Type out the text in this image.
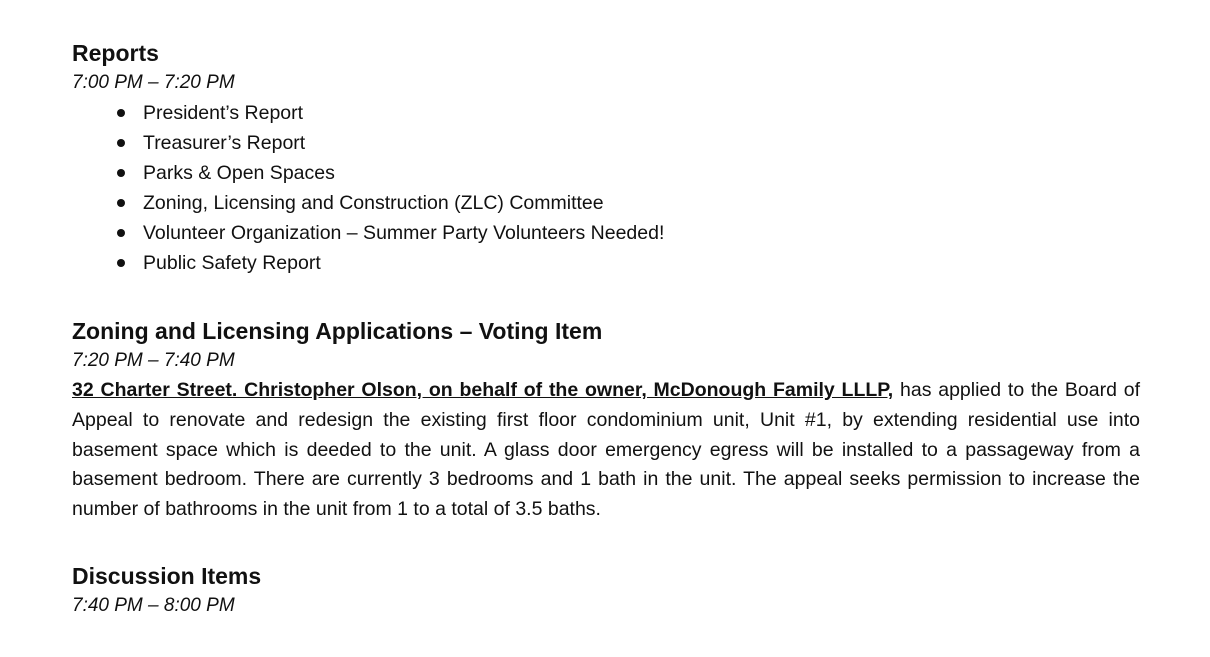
Reports

7:00 PM – 7:20 PM

President’s Report
Treasurer’s Report
Parks & Open Spaces
Zoning, Licensing and Construction (ZLC) Committee
Volunteer Organization – Summer Party Volunteers Needed!
Public Safety Report
Zoning and Licensing Applications – Voting Item

7:20 PM – 7:40 PM

32 Charter Street. Christopher Olson, on behalf of the owner, McDonough Family LLLP, has applied to the Board of Appeal to renovate and redesign the existing first floor condominium unit, Unit #1, by extending residential use into basement space which is deeded to the unit. A glass door emergency egress will be installed to a passageway from a basement bedroom. There are currently 3 bedrooms and 1 bath in the unit. The appeal seeks permission to increase the number of bathrooms in the unit from 1 to a total of 3.5 baths.

Discussion Items

7:40 PM – 8:00 PM
